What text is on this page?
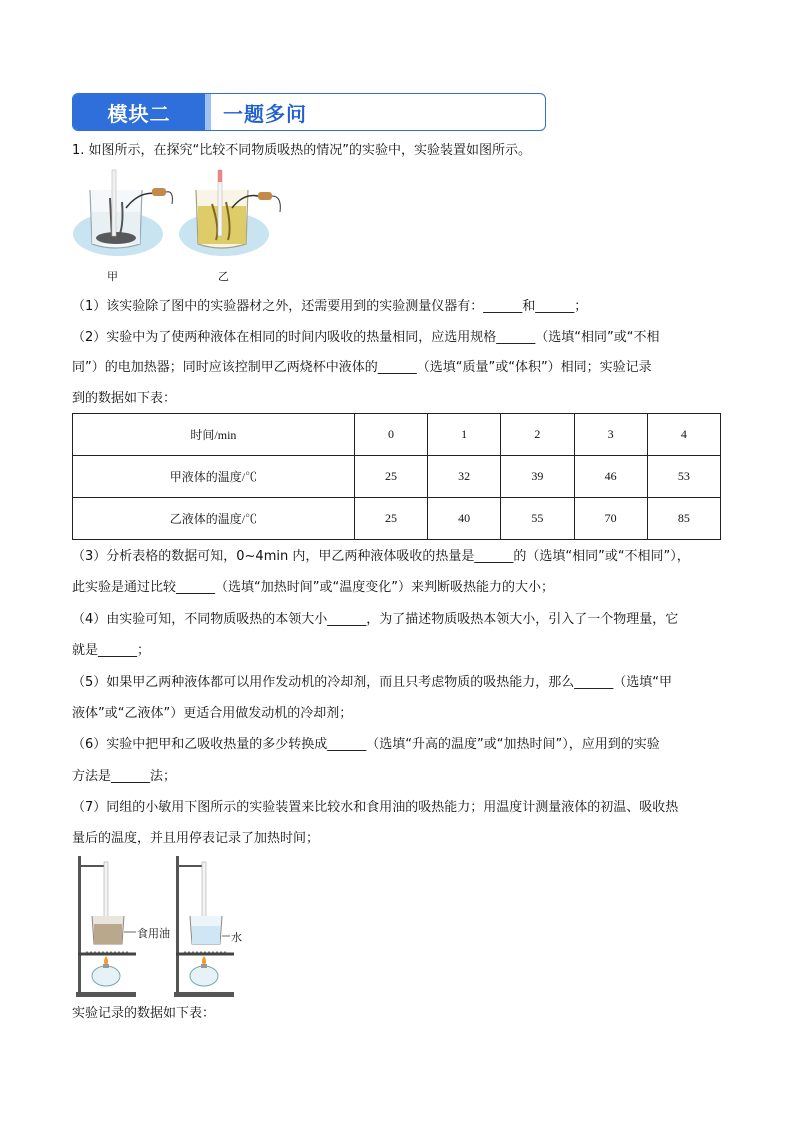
模块二	一题多问
1. 如图所示，在探究“比较不同物质吸热的情况”的实验中，实验装置如图所示。
甲	乙
（1）该实验除了图中的实验器材之外，还需要用到的实验测量仪器有：______和______；
（2）实验中为了使两种液体在相同的时间内吸收的热量相同，应选用规格______（选填“相同”或“不相
同”）的电加热器；同时应该控制甲乙两烧杯中液体的______（选填“质量”或“体积”）相同；实验记录
到的数据如下表：
时间/min	0	1	2	3	4
甲液体的温度/℃	25	32	39	46	53
乙液体的温度/℃	25	40	55	70	85
（3）分析表格的数据可知，0~4min 内，甲乙两种液体吸收的热量是______的（选填“相同”或“不相同”），
此实验是通过比较______（选填“加热时间”或“温度变化”）来判断吸热能力的大小；
（4）由实验可知，不同物质吸热的本领大小______，为了描述物质吸热本领大小，引入了一个物理量，它
就是______；
（5）如果甲乙两种液体都可以用作发动机的冷却剂，而且只考虑物质的吸热能力，那么______（选填“甲
液体”或“乙液体”）更适合用做发动机的冷却剂；
（6）实验中把甲和乙吸收热量的多少转换成______（选填“升高的温度”或“加热时间”），应用到的实验
方法是______法；
（7）同组的小敏用下图所示的实验装置来比较水和食用油的吸热能力；用温度计测量液体的初温、吸收热
量后的温度，并且用停表记录了加热时间；
食用油	水
实验记录的数据如下表：
